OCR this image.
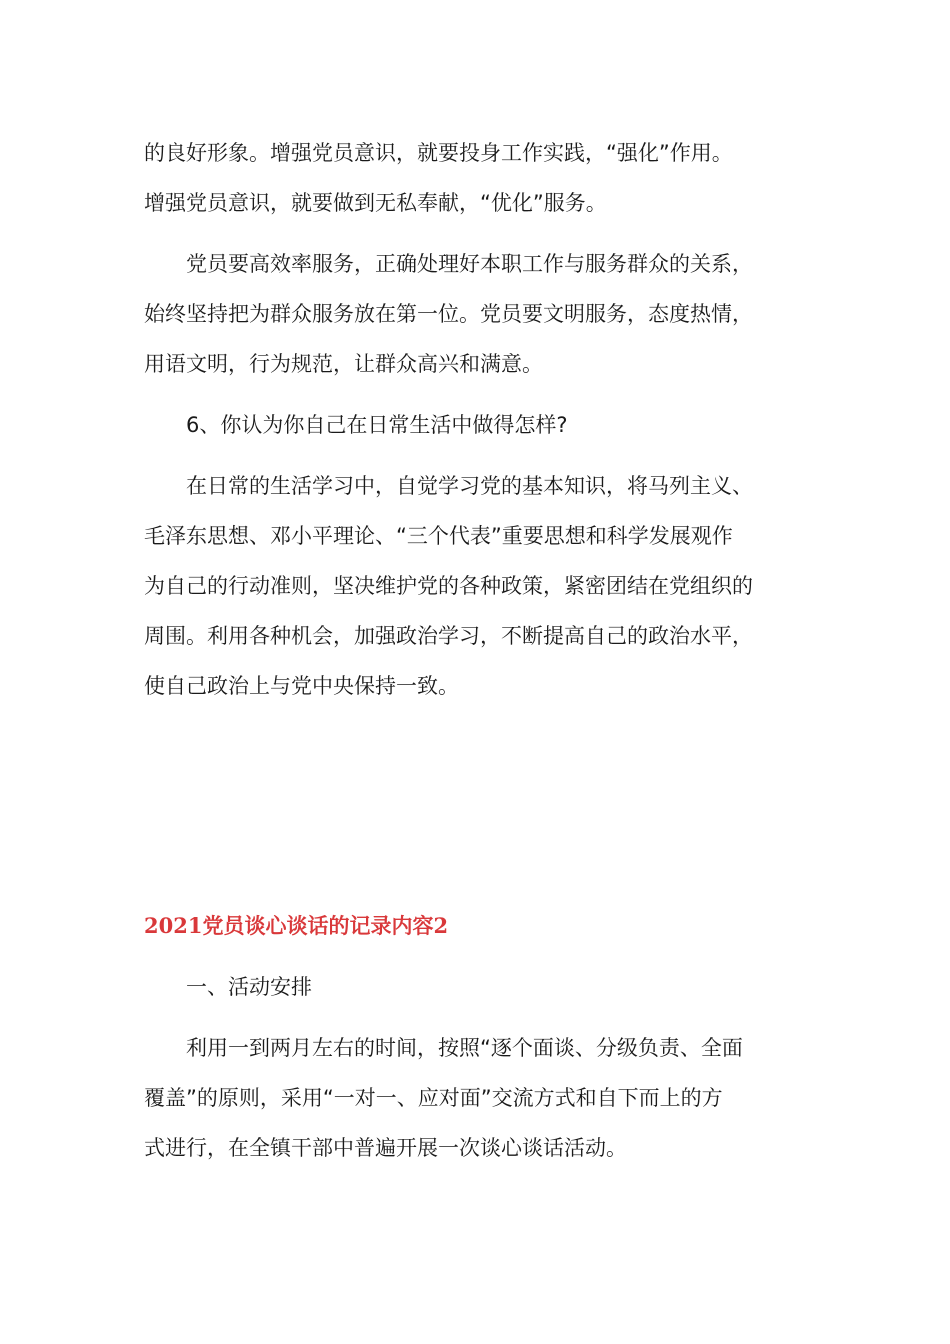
的良好形象。增强党员意识，就要投身工作实践，“强化”作用。
增强党员意识，就要做到无私奉献，“优化”服务。

党员要高效率服务，正确处理好本职工作与服务群众的关系，
始终坚持把为群众服务放在第一位。党员要文明服务，态度热情，
用语文明，行为规范，让群众高兴和满意。

6、你认为你自己在日常生活中做得怎样?

在日常的生活学习中，自觉学习党的基本知识，将马列主义、
毛泽东思想、邓小平理论、“三个代表”重要思想和科学发展观作
为自己的行动准则，坚决维护党的各种政策，紧密团结在党组织的
周围。利用各种机会，加强政治学习，不断提高自己的政治水平，
使自己政治上与党中央保持一致。

2021党员谈心谈话的记录内容2

一、活动安排

利用一到两月左右的时间，按照“逐个面谈、分级负责、全面
覆盖”的原则，采用“一对一、应对面”交流方式和自下而上的方
式进行，在全镇干部中普遍开展一次谈心谈话活动。
